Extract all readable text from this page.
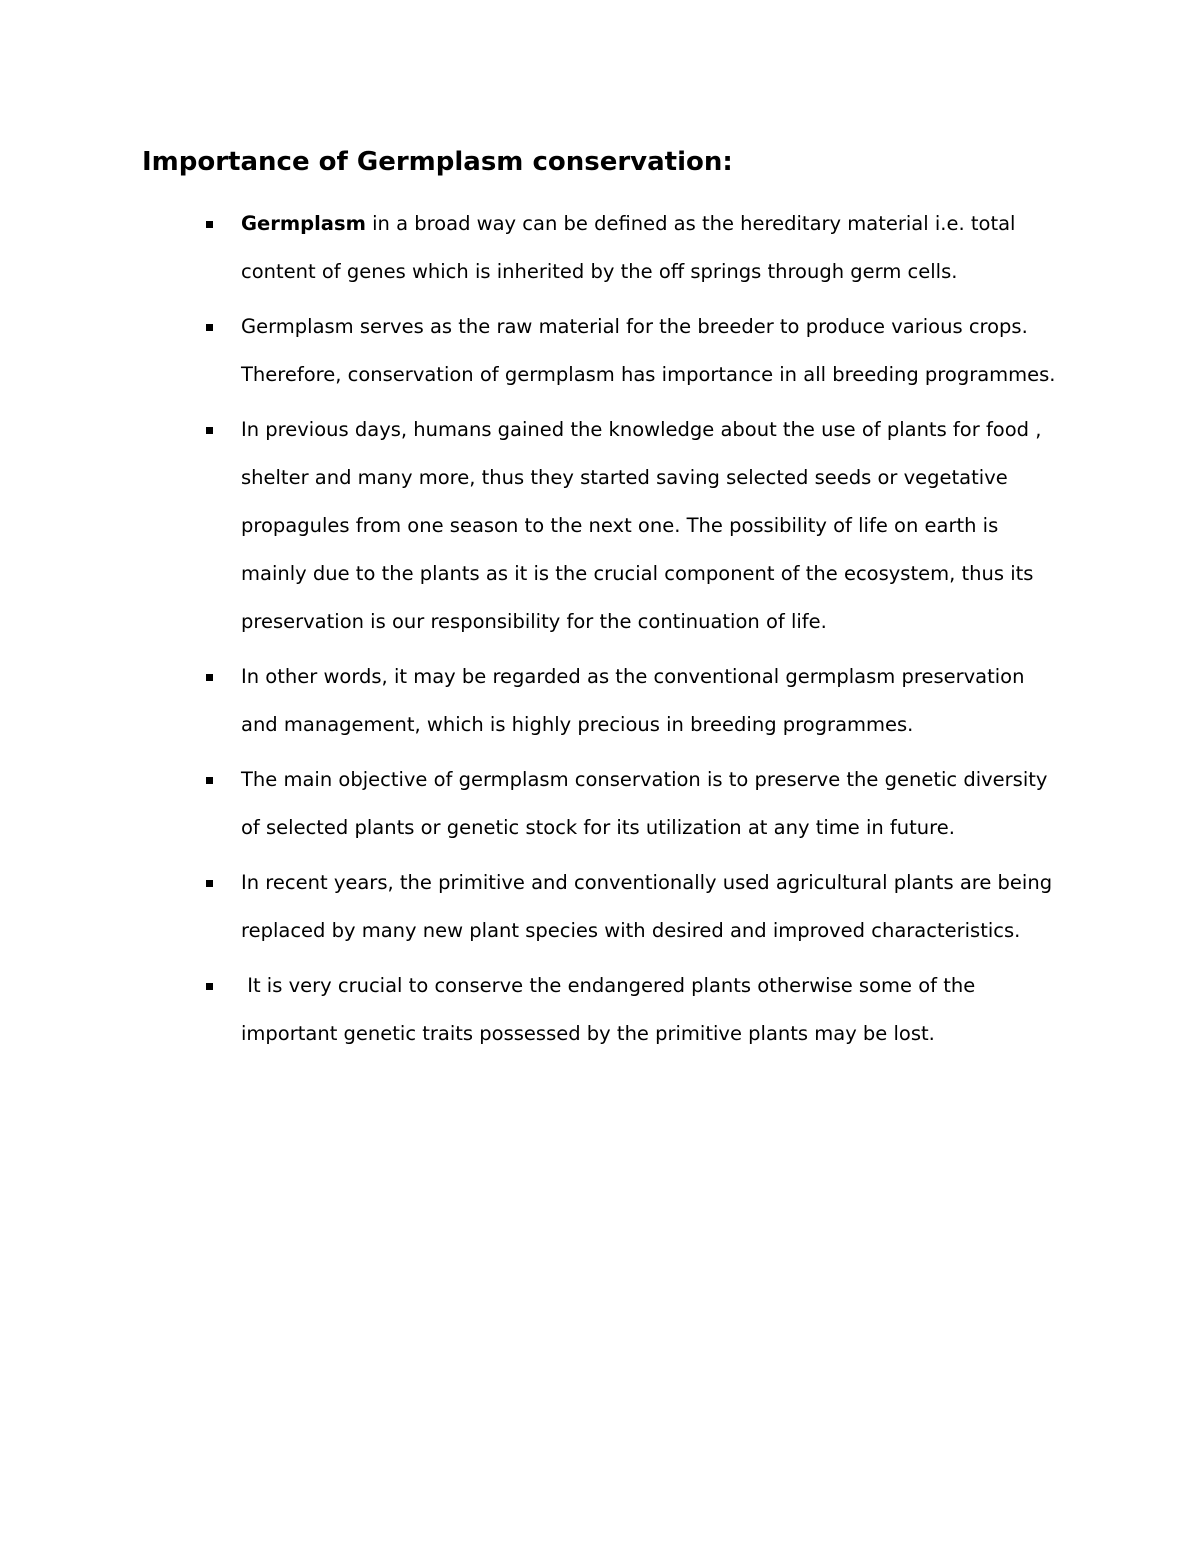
Importance of Germplasm conservation:
Germplasm in a broad way can be defined as the hereditary material i.e. total content of genes which is inherited by the off springs through germ cells.
Germplasm serves as the raw material for the breeder to produce various crops. Therefore, conservation of germplasm has importance in all breeding programmes.
In previous days, humans gained the knowledge about the use of plants for food , shelter and many more, thus they started saving selected seeds or vegetative propagules from one season to the next one. The possibility of life on earth is mainly due to the plants as it is the crucial component of the ecosystem, thus its preservation is our responsibility for the continuation of life.
In other words, it may be regarded as the conventional germplasm preservation and management, which is highly precious in breeding programmes.
The main objective of germplasm conservation is to preserve the genetic diversity of selected plants or genetic stock for its utilization at any time in future.
In recent years, the primitive and conventionally used agricultural plants are being replaced by many new plant species with desired and improved characteristics.
It is very crucial to conserve the endangered plants otherwise some of the important genetic traits possessed by the primitive plants may be lost.
